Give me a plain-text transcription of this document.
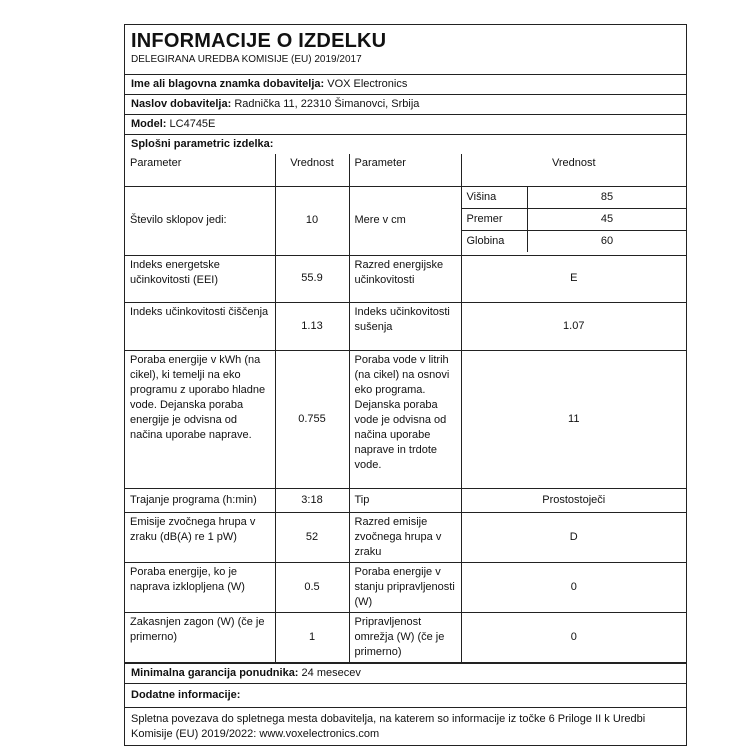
INFORMACIJE O IZDELKU
DELEGIRANA UREDBA KOMISIJE (EU) 2019/2017
Ime ali blagovna znamka dobavitelja: VOX Electronics
Naslov dobavitelja: Radnička 11, 22310 Šimanovci, Srbija
Model: LC4745E
Splošni parametric izdelka:
Parameter	Vrednost	Parameter	Vrednost
Število sklopov jedi:	10	Mere v cm	
Višina	85
Premer	45
Globina	60

Indeks energetske učinkovitosti (EEI)	55.9	Razred energijske učinkovitosti	E
Indeks učinkovitosti čiščenja	1.13	Indeks učinkovitosti sušenja	1.07
Poraba energije v kWh (na cikel), ki temelji na eko programu z uporabo hladne vode. Dejanska poraba energije je odvisna od načina uporabe naprave.	0.755	Poraba vode v litrih (na cikel) na osnovi eko programa. Dejanska poraba vode je odvisna od načina uporabe naprave in trdote vode.	11
Trajanje programa (h:min)	3:18	Tip	Prostostoječi
Emisije zvočnega hrupa v zraku (dB(A) re 1 pW)	52	Razred emisije zvočnega hrupa v zraku	D
Poraba energije, ko je naprava izklopljena (W)	0.5	Poraba energije v stanju pripravljenosti (W)	0
Zakasnjen zagon (W) (če je primerno)	1	Pripravljenost omrežja (W) (če je primerno)	0
Minimalna garancija ponudnika: 24 mesecev
Dodatne informacije:
Spletna povezava do spletnega mesta dobavitelja, na katerem so informacije iz točke 6 Priloge II k Uredbi Komisije (EU) 2019/2022: www.voxelectronics.com
